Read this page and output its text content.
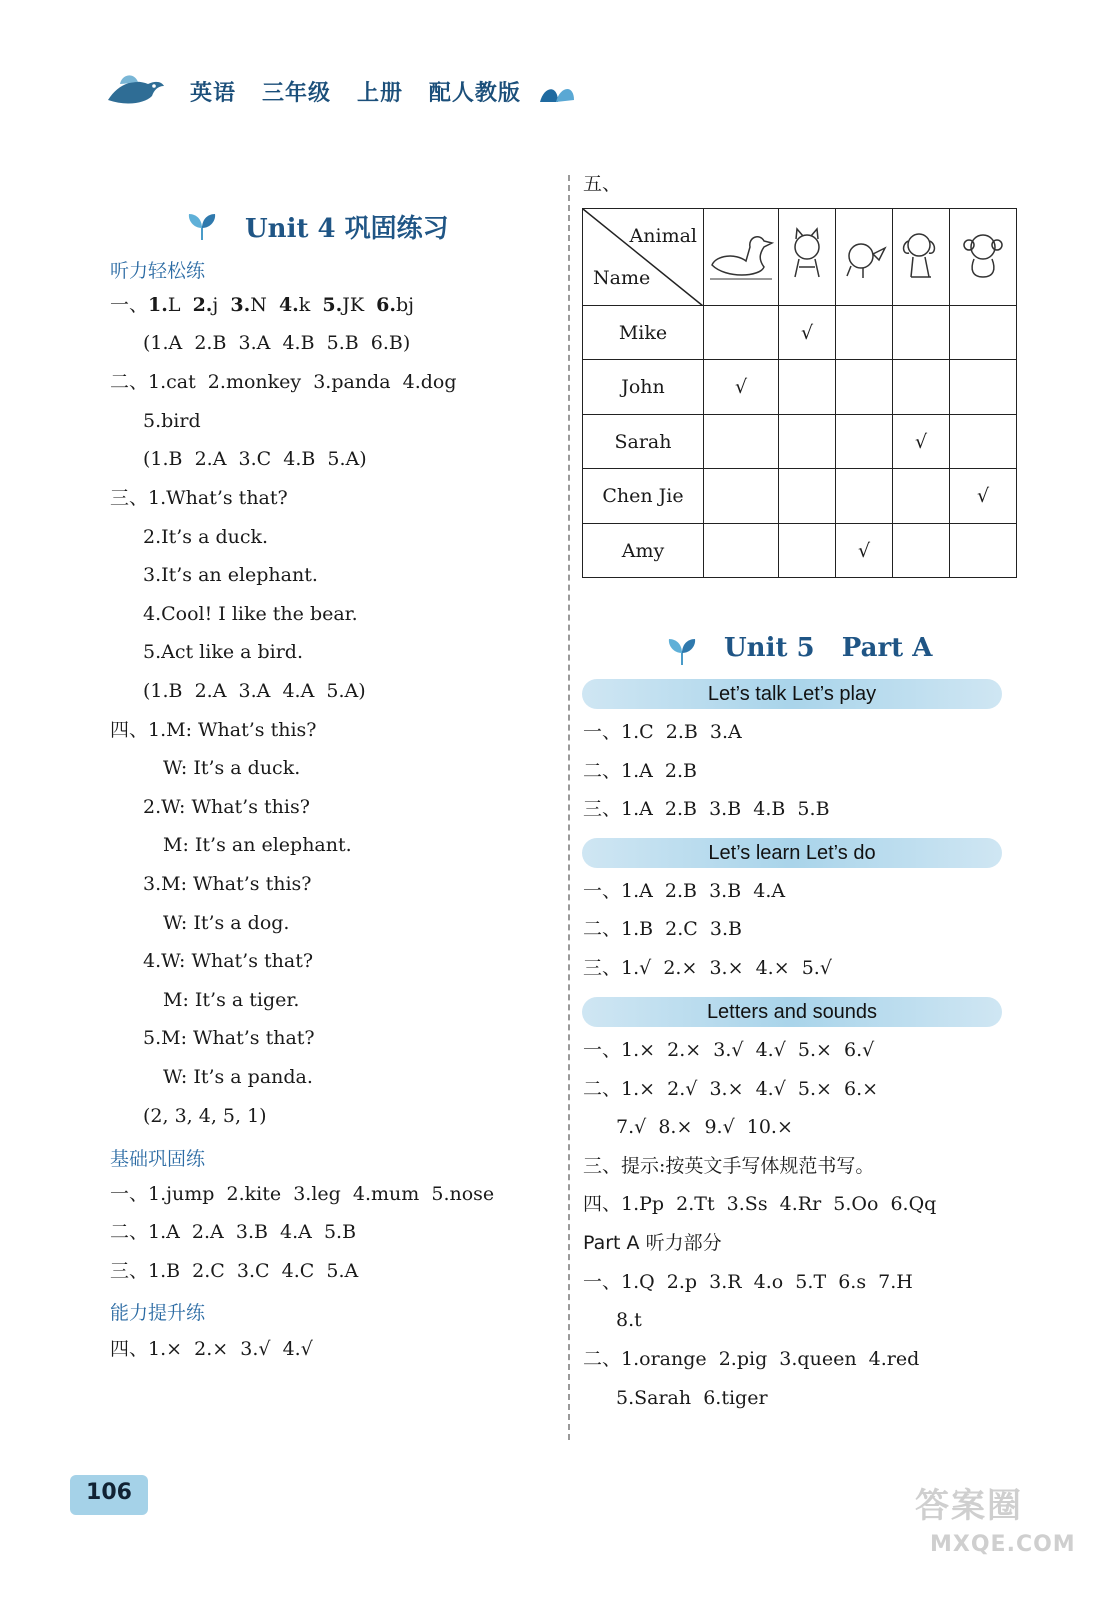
英语   三年级   上册   配人教版
Unit 4 巩固练习
听力轻松练
一、1.L  2.j  3.N  4.k  5.JK  6.bj
(1.A  2.B  3.A  4.B  5.B  6.B)
二、1.cat  2.monkey  3.panda  4.dog
5.bird
(1.B  2.A  3.C  4.B  5.A)
三、1.What’s that?
2.It’s a duck.
3.It’s an elephant.
4.Cool! I like the bear.
5.Act like a bird.
(1.B  2.A  3.A  4.A  5.A)
四、1.M: What’s this?
W: It’s a duck.
2.W: What’s this?
M: It’s an elephant.
3.M: What’s this?
W: It’s a dog.
4.W: What’s that?
M: It’s a tiger.
5.M: What’s that?
W: It’s a panda.
(2, 3, 4, 5, 1)
基础巩固练
一、1.jump  2.kite  3.leg  4.mum  5.nose
二、1.A  2.A  3.B  4.A  5.B
三、1.B  2.C  3.C  4.C  5.A
能力提升练
四、1.×  2.×  3.√  4.√
五、
Animal
Name

Mike		√			
John	√				
Sarah				√	
Chen Jie					√
Amy			√		
Unit 5   Part A
Let’s talk Let’s play
一、1.C  2.B  3.A
二、1.A  2.B
三、1.A  2.B  3.B  4.B  5.B
Let’s learn Let’s do
一、1.A  2.B  3.B  4.A
二、1.B  2.C  3.B
三、1.√  2.×  3.×  4.×  5.√
Letters and sounds
一、1.×  2.×  3.√  4.√  5.×  6.√
二、1.×  2.√  3.×  4.√  5.×  6.×
7.√  8.×  9.√  10.×
三、提示:按英文手写体规范书写。
四、1.Pp  2.Tt  3.Ss  4.Rr  5.Oo  6.Qq
Part A 听力部分
一、1.Q  2.p  3.R  4.o  5.T  6.s  7.H
8.t
二、1.orange  2.pig  3.queen  4.red
5.Sarah  6.tiger
106	答案圈
MXQE.COM
